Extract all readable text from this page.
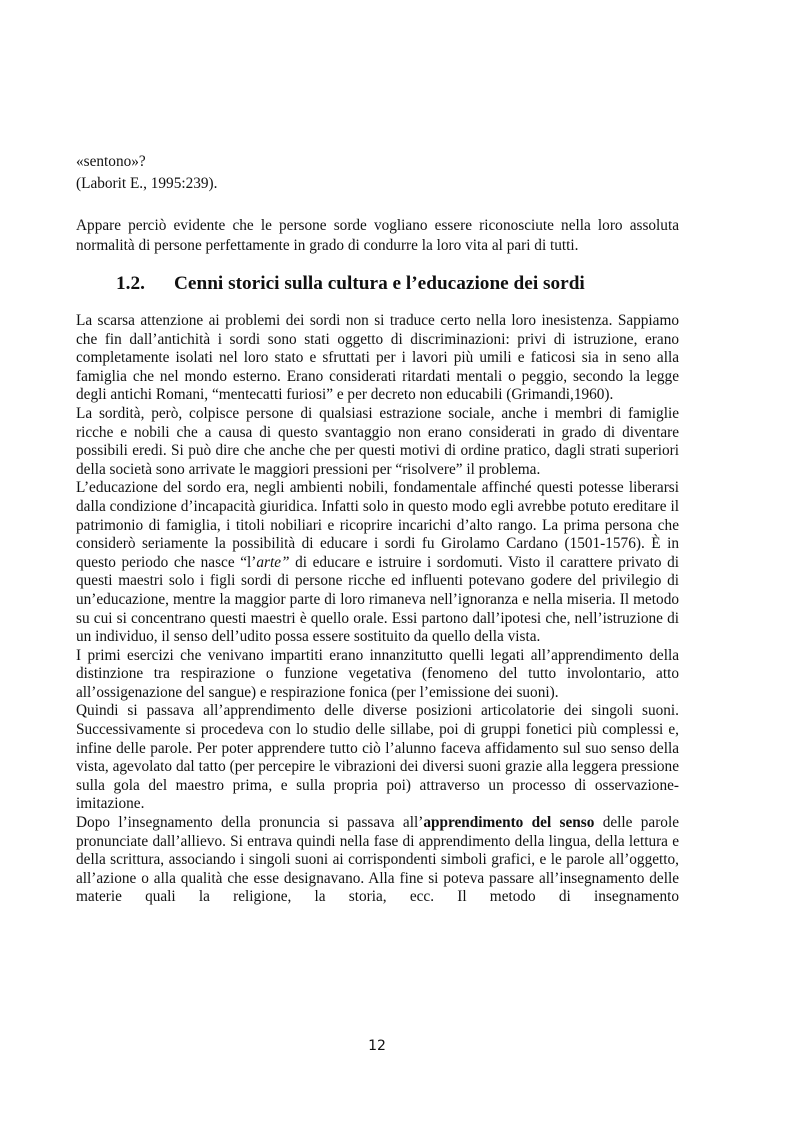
«sentono»?

(Laborit E., 1995:239).

Appare perciò evidente che le persone sorde vogliano essere riconosciute nella loro assoluta normalità di persone perfettamente in grado di condurre la loro vita al pari di tutti.

1.2. Cenni storici sulla cultura e l’educazione dei sordi

La scarsa attenzione ai problemi dei sordi non si traduce certo nella loro inesistenza. Sappiamo che fin dall’antichità i sordi sono stati oggetto di discriminazioni: privi di istruzione, erano completamente isolati nel loro stato e sfruttati per i lavori più umili e faticosi sia in seno alla famiglia che nel mondo esterno. Erano considerati ritardati mentali o peggio, secondo la legge degli antichi Romani, “mentecatti furiosi” e per decreto non educabili (Grimandi,1960).

La sordità, però, colpisce persone di qualsiasi estrazione sociale, anche i membri di famiglie ricche e nobili che a causa di questo svantaggio non erano considerati in grado di diventare possibili eredi. Si può dire che anche che per questi motivi di ordine pratico, dagli strati superiori della società sono arrivate le maggiori pressioni per “risolvere” il problema.

L’educazione del sordo era, negli ambienti nobili, fondamentale affinché questi potesse liberarsi dalla condizione d’incapacità giuridica. Infatti solo in questo modo egli avrebbe potuto ereditare il patrimonio di famiglia, i titoli nobiliari e ricoprire incarichi d’alto rango. La prima persona che considerò seriamente la possibilità di educare i sordi fu Girolamo Cardano (1501-1576). È in questo periodo che nasce “l’arte” di educare e istruire i sordomuti. Visto il carattere privato di questi maestri solo i figli sordi di persone ricche ed influenti potevano godere del privilegio di un’educazione, mentre la maggior parte di loro rimaneva nell’ignoranza e nella miseria. Il metodo su cui si concentrano questi maestri è quello orale. Essi partono dall’ipotesi che, nell’istruzione di un individuo, il senso dell’udito possa essere sostituito da quello della vista.

I primi esercizi che venivano impartiti erano innanzitutto quelli legati all’apprendimento della distinzione tra respirazione o funzione vegetativa (fenomeno del tutto involontario, atto all’ossigenazione del sangue) e respirazione fonica (per l’emissione dei suoni).

Quindi si passava all’apprendimento delle diverse posizioni articolatorie dei singoli suoni. Successivamente si procedeva con lo studio delle sillabe, poi di gruppi fonetici più complessi e, infine delle parole. Per poter apprendere tutto ciò l’alunno faceva affidamento sul suo senso della vista, agevolato dal tatto (per percepire le vibrazioni dei diversi suoni grazie alla leggera pressione sulla gola del maestro prima, e sulla propria poi) attraverso un processo di osservazione-imitazione.

Dopo l’insegnamento della pronuncia si passava all’apprendimento del senso delle parole pronunciate dall’allievo. Si entrava quindi nella fase di apprendimento della lingua, della lettura e della scrittura, associando i singoli suoni ai corrispondenti simboli grafici, e le parole all’oggetto, all’azione o alla qualità che esse designavano. Alla fine si poteva passare all’insegnamento delle materie quali la religione, la storia, ecc. Il metodo di insegnamento

12
